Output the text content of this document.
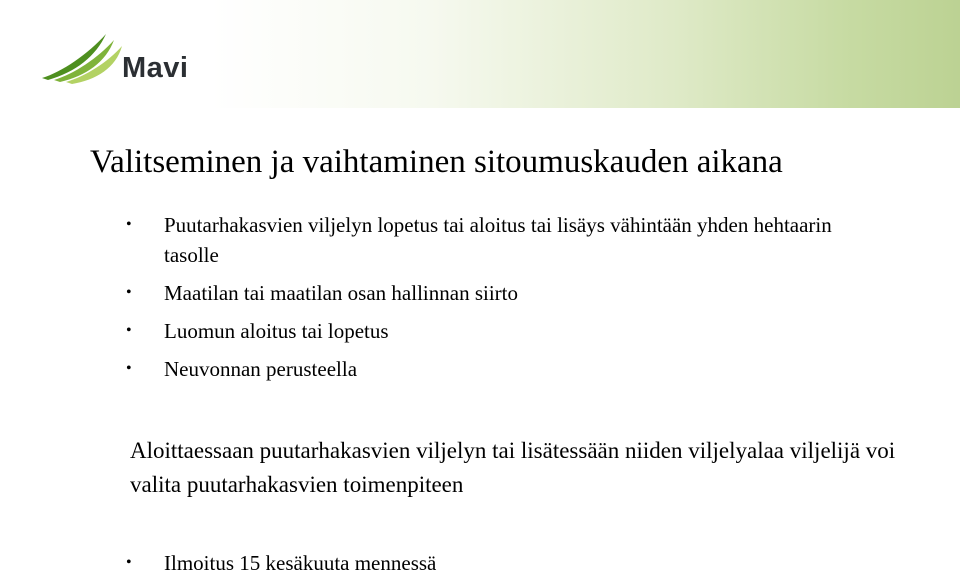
Mavi
Valitseminen ja vaihtaminen sitoumuskauden aikana
• Puutarhakasvien viljelyn lopetus tai aloitus tai lisäys vähintään yhden hehtaarin tasolle
• Maatilan tai maatilan osan hallinnan siirto
• Luomun aloitus tai lopetus
• Neuvonnan perusteella

Aloittaessaan puutarhakasvien viljelyn tai lisätessään niiden viljelyalaa viljelijä voi valita puutarhakasvien toimenpiteen

• Ilmoitus 15 kesäkuuta mennessä
